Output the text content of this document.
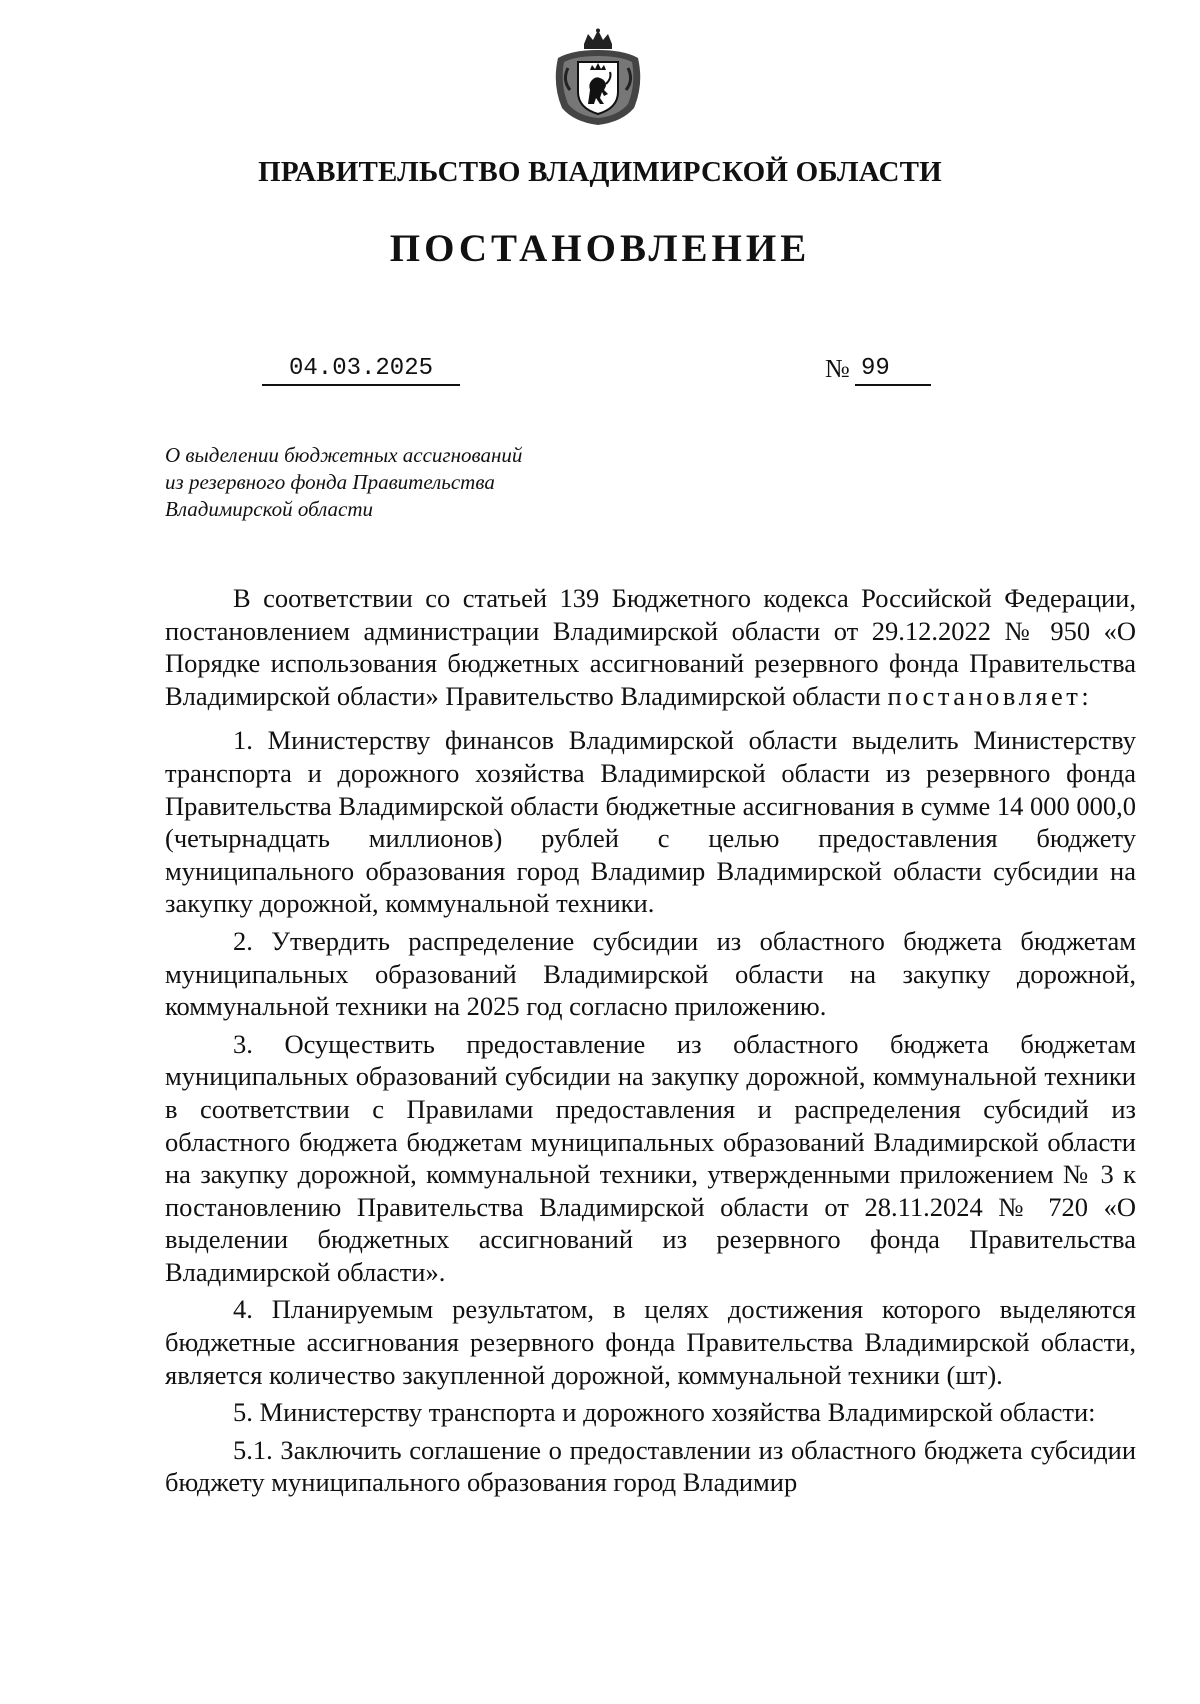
ПРАВИТЕЛЬСТВО ВЛАДИМИРСКОЙ ОБЛАСТИ
ПОСТАНОВЛЕНИЕ
04.03.2025	№ 99
О выделении бюджетных ассигнований
из резервного фонда Правительства
Владимирской области

В соответствии со статьей 139 Бюджетного кодекса Российской Федерации, постановлением администрации Владимирской области от 29.12.2022 № 950 «О Порядке использования бюджетных ассигнований резервного фонда Правительства Владимирской области» Правительство Владимирской области постановляет:

1. Министерству финансов Владимирской области выделить Министерству транспорта и дорожного хозяйства Владимирской области из резервного фонда Правительства Владимирской области бюджетные ассигнования в сумме 14 000 000,0 (четырнадцать миллионов) рублей с целью предоставления бюджету муниципального образования город Владимир Владимирской области субсидии на закупку дорожной, коммунальной техники.

2. Утвердить распределение субсидии из областного бюджета бюджетам муниципальных образований Владимирской области на закупку дорожной, коммунальной техники на 2025 год согласно приложению.

3. Осуществить предоставление из областного бюджета бюджетам муниципальных образований субсидии на закупку дорожной, коммунальной техники в соответствии с Правилами предоставления и распределения субсидий из областного бюджета бюджетам муниципальных образований Владимирской области на закупку дорожной, коммунальной техники, утвержденными приложением № 3 к постановлению Правительства Владимирской области от 28.11.2024 № 720 «О выделении бюджетных ассигнований из резервного фонда Правительства Владимирской области».

4. Планируемым результатом, в целях достижения которого выделяются бюджетные ассигнования резервного фонда Правительства Владимирской области, является количество закупленной дорожной, коммунальной техники (шт).

5. Министерству транспорта и дорожного хозяйства Владимирской области:

5.1. Заключить соглашение о предоставлении из областного бюджета субсидии бюджету муниципального образования город Владимир
